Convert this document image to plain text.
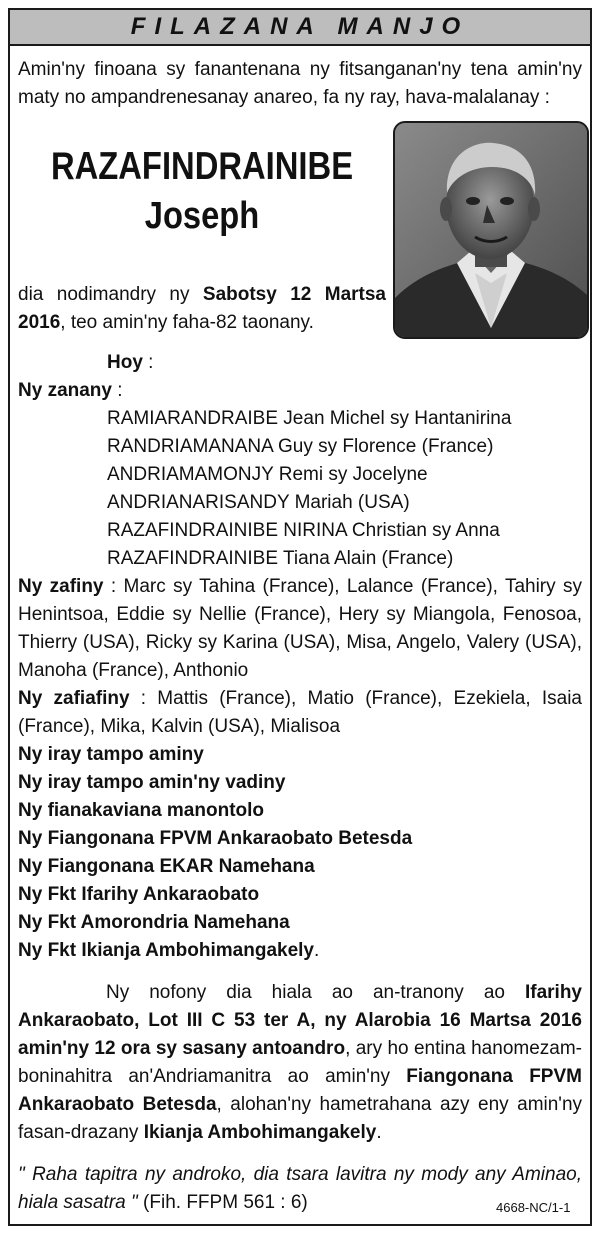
FILAZANA MANJO
Amin'ny finoana sy fanantenana ny fitsanganan'ny tena amin'ny maty no ampandrenesanay anareo, fa ny ray, hava-malalanay :
RAZAFINDRAINIBE
Joseph
dia nodimandry ny Sabotsy 12 Martsa 2016, teo amin'ny faha-82 taonany.
Hoy :
Ny zanany :
RAMIARANDRAIBE Jean Michel sy Hantanirina
RANDRIAMANANA Guy sy Florence (France)
ANDRIAMAMONJY Remi sy Jocelyne
ANDRIANARISANDY Mariah (USA)
RAZAFINDRAINIBE NIRINA Christian sy Anna
RAZAFINDRAINIBE Tiana Alain (France)
Ny zafiny : Marc sy Tahina (France), Lalance (France), Tahiry sy Henintsoa, Eddie sy Nellie (France), Hery sy Miangola, Fenosoa, Thierry (USA), Ricky sy Karina (USA), Misa, Angelo, Valery (USA), Manoha (France), Anthonio
Ny zafiafiny : Mattis (France), Matio (France), Ezekiela, Isaia (France), Mika, Kalvin (USA), Mialisoa
Ny iray tampo aminy
Ny iray tampo amin'ny vadiny
Ny fianakaviana manontolo
Ny Fiangonana FPVM Ankaraobato Betesda
Ny Fiangonana EKAR Namehana
Ny Fkt Ifarihy Ankaraobato
Ny Fkt Amorondria Namehana
Ny Fkt Ikianja Ambohimangakely.
Ny nofony dia hiala ao an-tranony ao Ifarihy Ankaraobato, Lot III C 53 ter A, ny Alarobia 16 Martsa 2016 amin'ny 12 ora sy sasany antoandro, ary ho entina hanomezam-boninahitra an'Andriamanitra ao amin'ny Fiangonana FPVM Ankaraobato Betesda, alohan'ny hametrahana azy eny amin'ny fasan-drazany Ikianja Ambohimangakely.
" Raha tapitra ny androko, dia tsara lavitra ny mody any Aminao, hiala sasatra " (Fih. FFPM 561 : 6)	4668-NC/1-1
